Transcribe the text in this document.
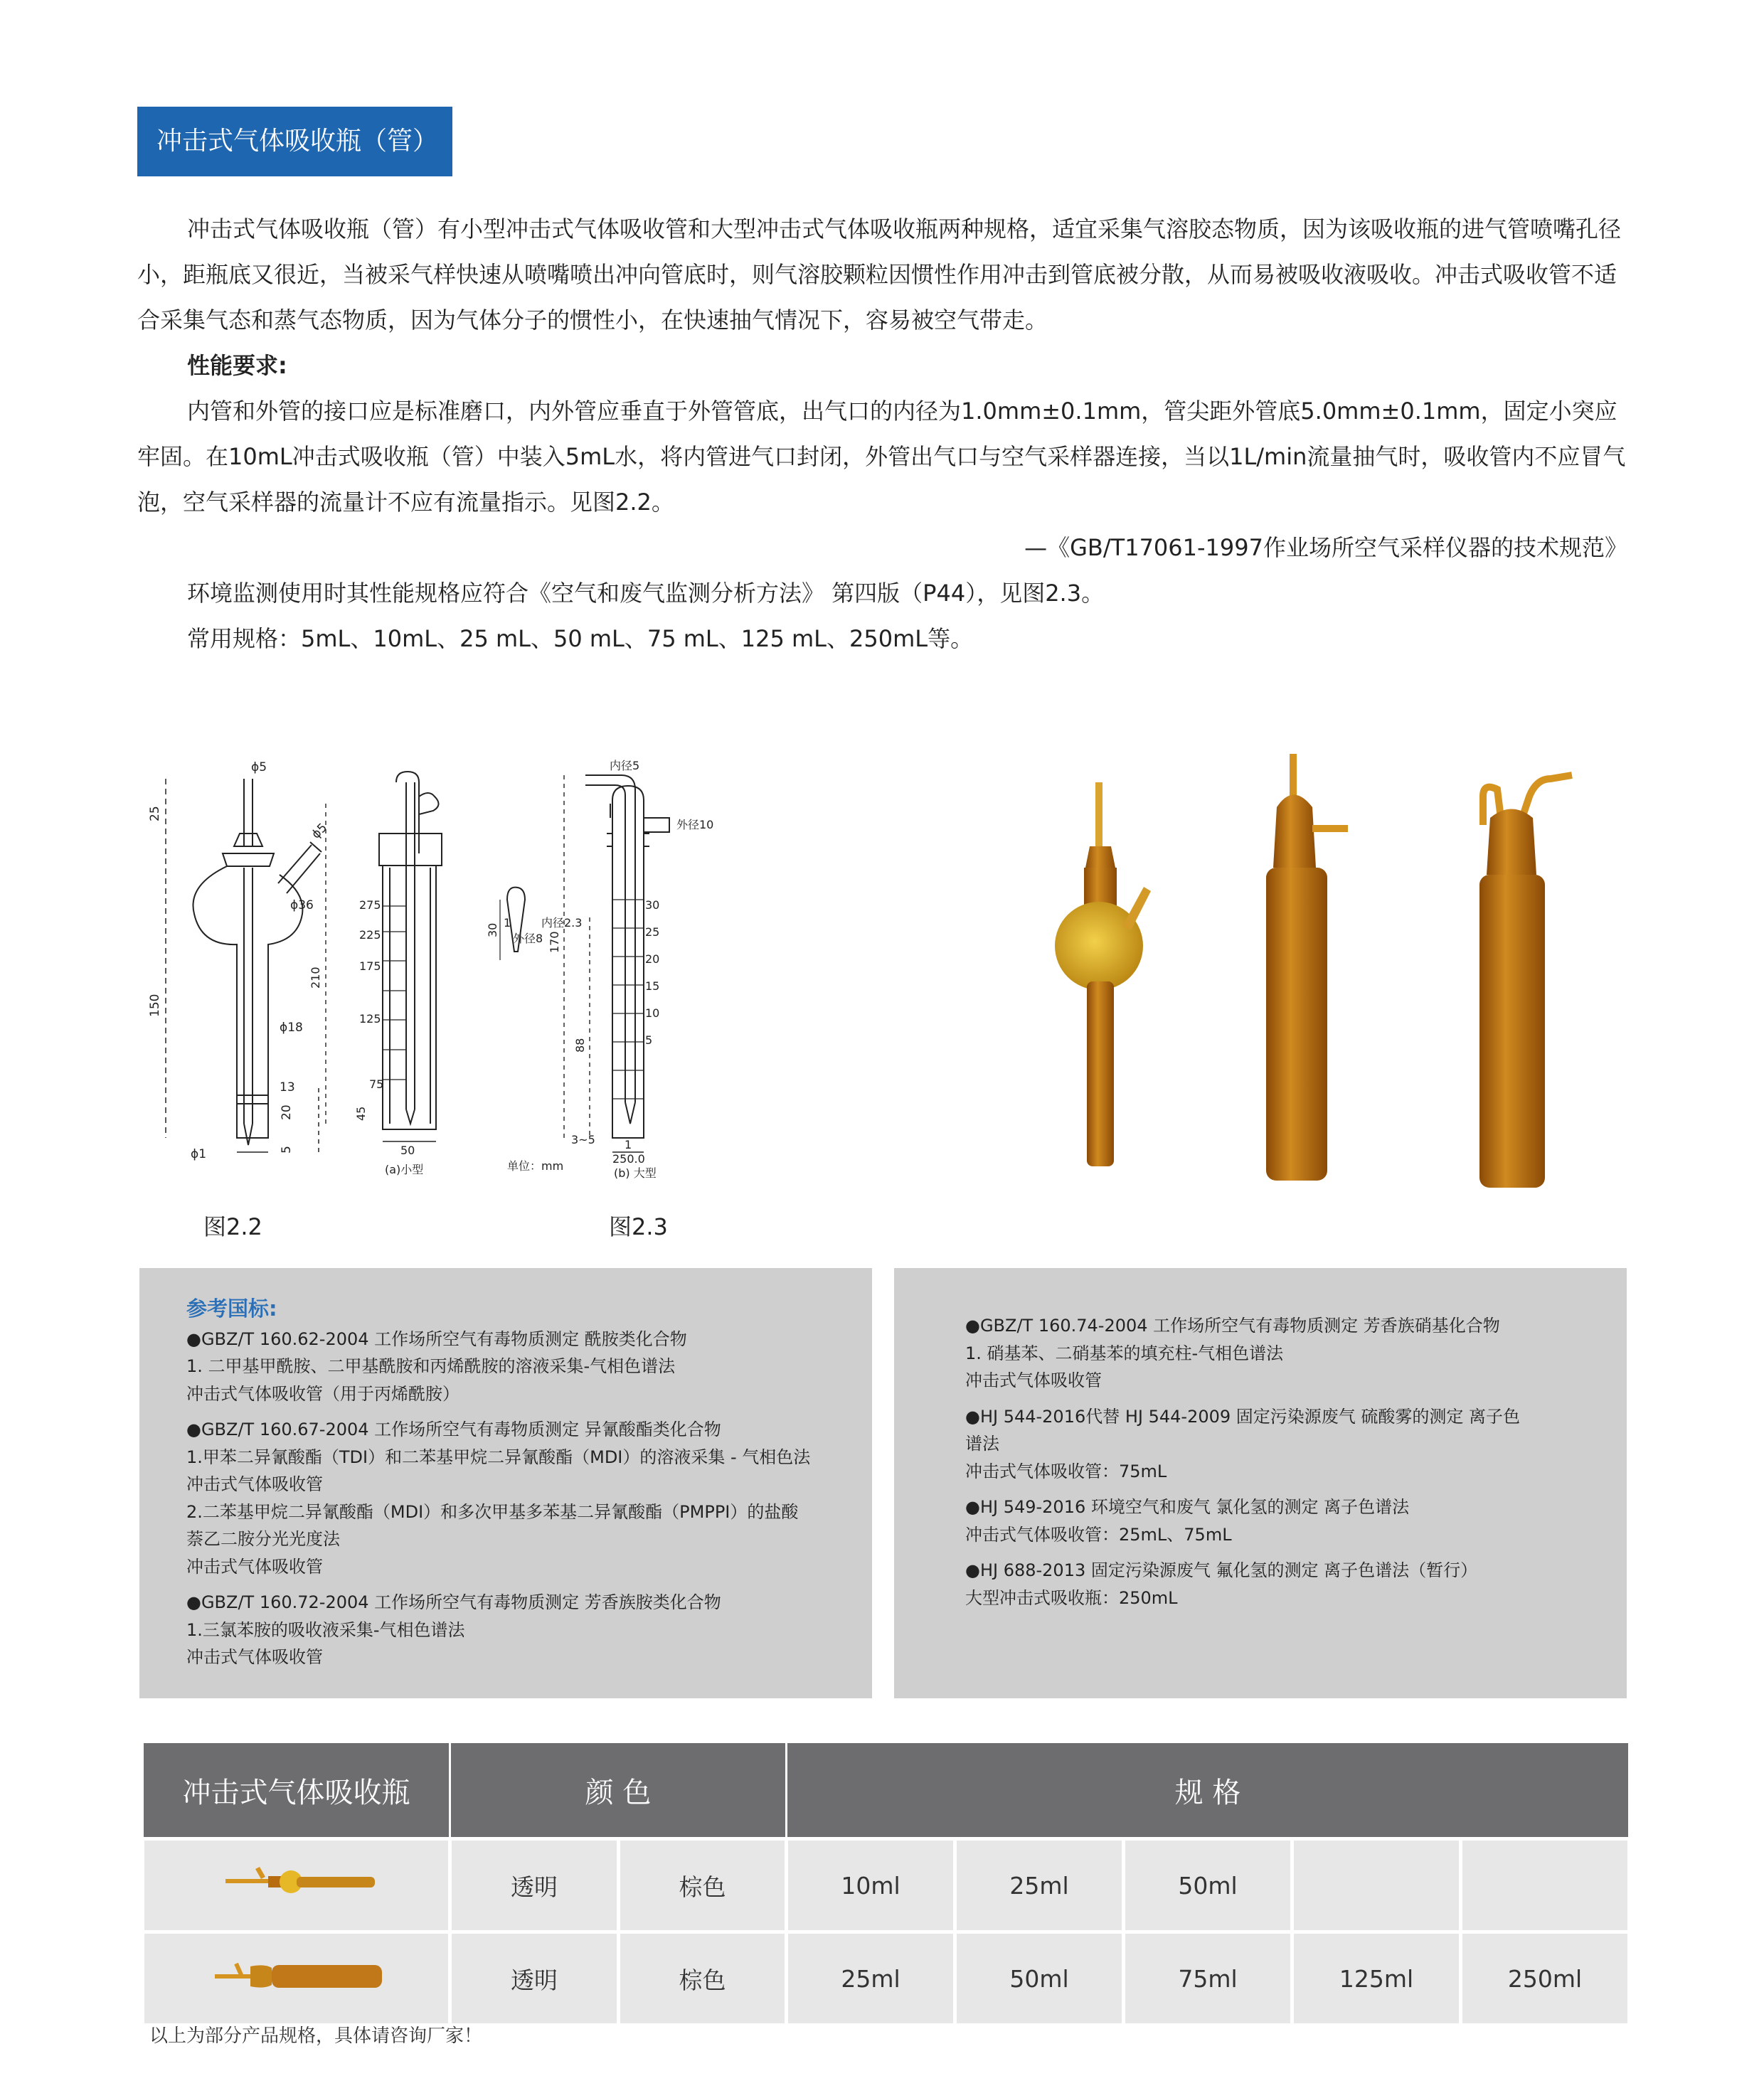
冲击式气体吸收瓶（管）

冲击式气体吸收瓶（管）有小型冲击式气体吸收管和大型冲击式气体吸收瓶两种规格，适宜采集气溶胶态物质，因为该吸收瓶的进气管喷嘴孔径小，距瓶底又很近，当被采气样快速从喷嘴喷出冲向管底时，则气溶胶颗粒因惯性作用冲击到管底被分散，从而易被吸收液吸收。冲击式吸收管不适合采集气态和蒸气态物质，因为气体分子的惯性小，在快速抽气情况下，容易被空气带走。

性能要求:

内管和外管的接口应是标准磨口，内外管应垂直于外管管底，出气口的内径为1.0mm±0.1mm，管尖距外管底5.0mm±0.1mm，固定小突应牢固。在10mL冲击式吸收瓶（管）中装入5mL水，将内管进气口封闭，外管出气口与空气采样器连接，当以1L/min流量抽气时，吸收管内不应冒气泡，空气采样器的流量计不应有流量指示。见图2.2。

—《GB/T17061-1997作业场所空气采样仪器的技术规范》

环境监测使用时其性能规格应符合《空气和废气监测分析方法》 第四版（P44），见图2.3。

常用规格：5mL、10mL、25 mL、50 mL、75 mL、125 mL、250mL等。

ϕ5
25
ϕ5
ϕ36
150
ϕ18
13
20
ϕ1	5
275
225
175
125
75
45
210
50
(a)小型
内径2.3
外径8
30
1
单位：mm
内径5
外径10
170
88
30
25
20
15
10
5
3~5	1
250.0
(b) 大型
图2.2	图2.3
参考国标:
●GBZ/T 160.62-2004 工作场所空气有毒物质测定 酰胺类化合物
1. 二甲基甲酰胺、二甲基酰胺和丙烯酰胺的溶液采集-气相色谱法
冲击式气体吸收管（用于丙烯酰胺）
●GBZ/T 160.67-2004 工作场所空气有毒物质测定 异氰酸酯类化合物
1.甲苯二异氰酸酯（TDI）和二苯基甲烷二异氰酸酯（MDI）的溶液采集 - 气相色法
冲击式气体吸收管
2.二苯基甲烷二异氰酸酯（MDI）和多次甲基多苯基二异氰酸酯（PMPPI）的盐酸
萘乙二胺分光光度法
冲击式气体吸收管
●GBZ/T 160.72-2004 工作场所空气有毒物质测定 芳香族胺类化合物
1.三氯苯胺的吸收液采集-气相色谱法
冲击式气体吸收管
●GBZ/T 160.74-2004 工作场所空气有毒物质测定 芳香族硝基化合物
1. 硝基苯、二硝基苯的填充柱-气相色谱法
冲击式气体吸收管
●HJ 544-2016代替 HJ 544-2009 固定污染源废气 硫酸雾的测定 离子色
谱法
冲击式气体吸收管：75mL
●HJ 549-2016 环境空气和废气 氯化氢的测定 离子色谱法
冲击式气体吸收管：25mL、75mL
●HJ 688-2013 固定污染源废气 氟化氢的测定 离子色谱法（暂行）
大型冲击式吸收瓶：250mL
冲击式气体吸收瓶	颜 色		规 格				
	透明	棕色	10ml	25ml	50ml		
	透明	棕色	25ml	50ml	75ml	125ml	250ml
以上为部分产品规格，具体请咨询厂家！
